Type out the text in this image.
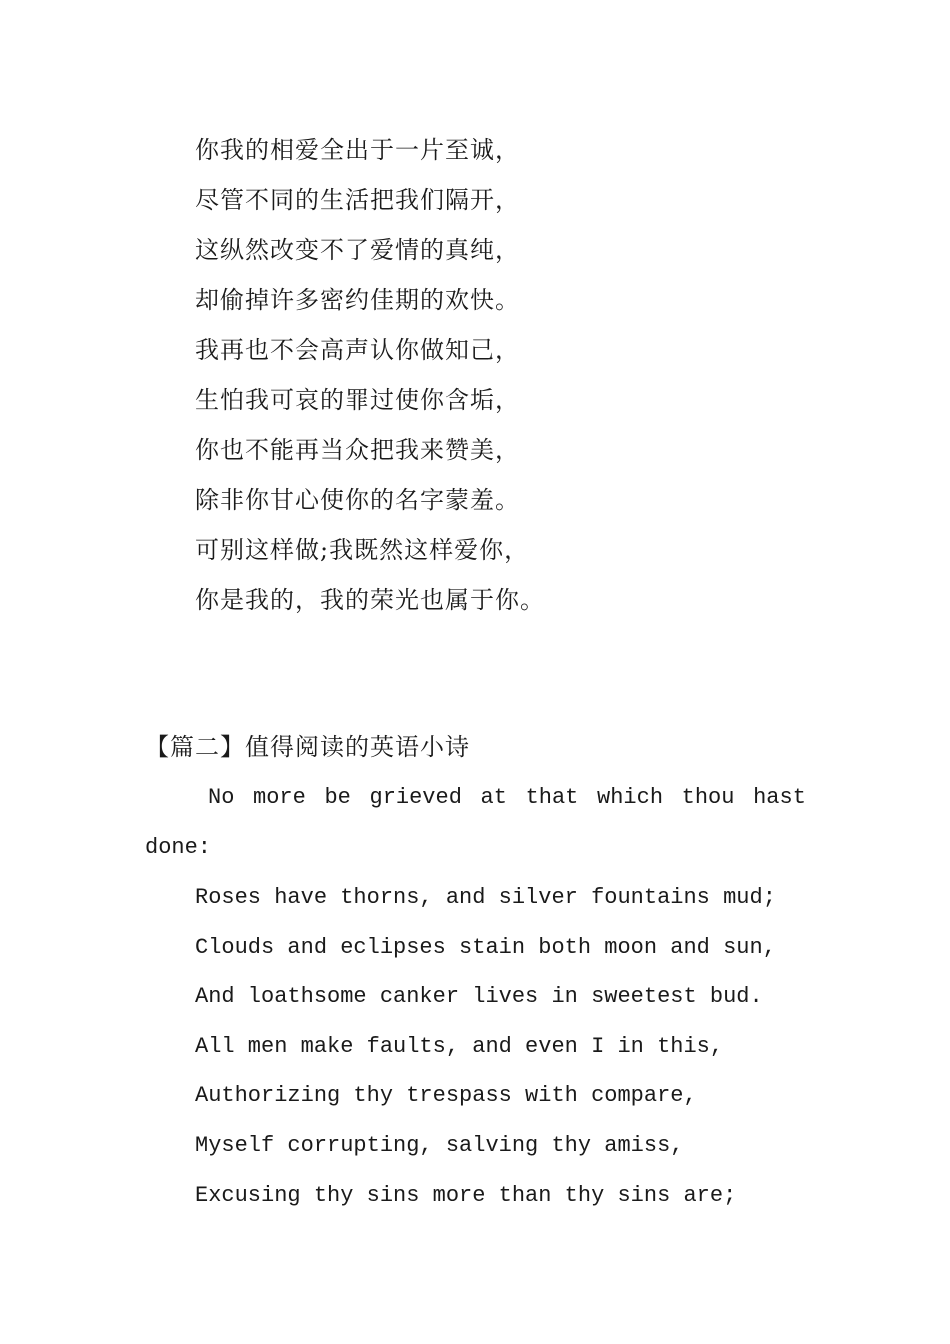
你我的相爱全出于一片至诚，
尽管不同的生活把我们隔开，
这纵然改变不了爱情的真纯，
却偷掉许多密约佳期的欢快。
我再也不会高声认你做知己，
生怕我可哀的罪过使你含垢，
你也不能再当众把我来赞美，
除非你甘心使你的名字蒙羞。
可别这样做;我既然这样爱你，
你是我的，我的荣光也属于你。
【篇二】值得阅读的英语小诗
No more be grieved at that which thou hast
done:
Roses have thorns, and silver fountains mud;
Clouds and eclipses stain both moon and sun,
And loathsome canker lives in sweetest bud.
All men make faults, and even I in this,
Authorizing thy trespass with compare,
Myself corrupting, salving thy amiss,
Excusing thy sins more than thy sins are;
